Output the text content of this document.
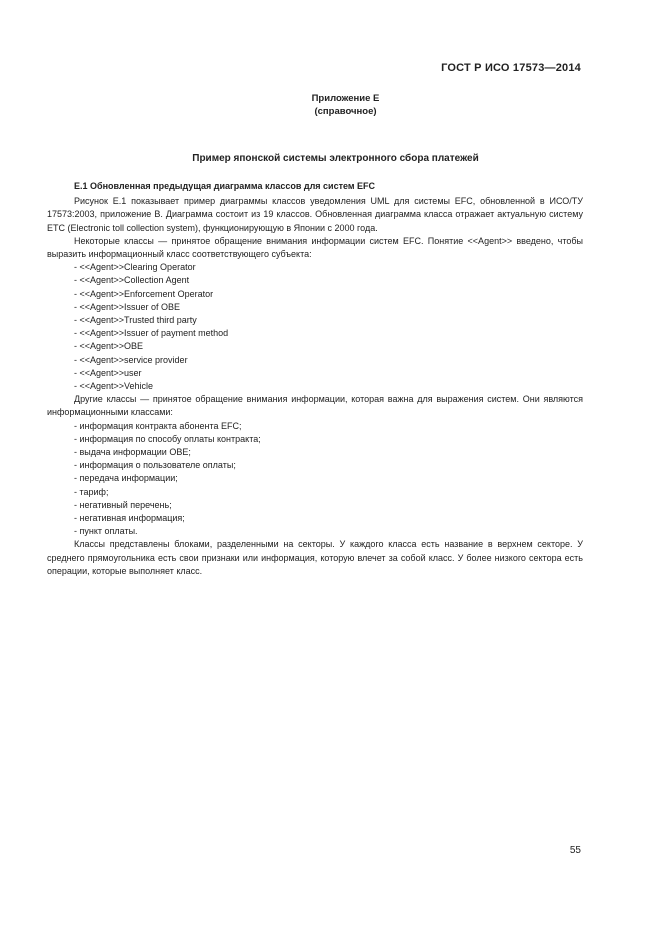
ГОСТ Р ИСО 17573—2014
Приложение Е
(справочное)
Пример японской системы электронного сбора платежей
Е.1 Обновленная предыдущая диаграмма классов для систем EFC

Рисунок Е.1 показывает пример диаграммы классов уведомления UML для системы EFC, обновленной в ИСО/ТУ 17573:2003, приложение В. Диаграмма состоит из 19 классов. Обновленная диаграмма класса отражает актуальную систему ETC (Electronic toll collection system), функционирующую в Японии с 2000 года.

Некоторые классы — принятое обращение внимания информации систем EFC. Понятие <<Agent>> введено, чтобы выразить информационный класс соответствующего субъекта:

- <<Agent>>Clearing Operator
- <<Agent>>Collection Agent
- <<Agent>>Enforcement Operator
- <<Agent>>Issuer of OBE
- <<Agent>>Trusted third party
- <<Agent>>Issuer of payment method
- <<Agent>>OBE
- <<Agent>>service provider
- <<Agent>>user
- <<Agent>>Vehicle

Другие классы — принятое обращение внимания информации, которая важна для выражения систем. Они являются информационными классами:

- информация контракта абонента EFC;
- информация по способу оплаты контракта;
- выдача информации OBE;
- информация о пользователе оплаты;
- передача информации;
- тариф;
- негативный перечень;
- негативная информация;
- пункт оплаты.

Классы представлены блоками, разделенными на секторы. У каждого класса есть название в верхнем секторе. У среднего прямоугольника есть свои признаки или информация, которую влечет за собой класс. У более низкого сектора есть операции, которые выполняет класс.

55
